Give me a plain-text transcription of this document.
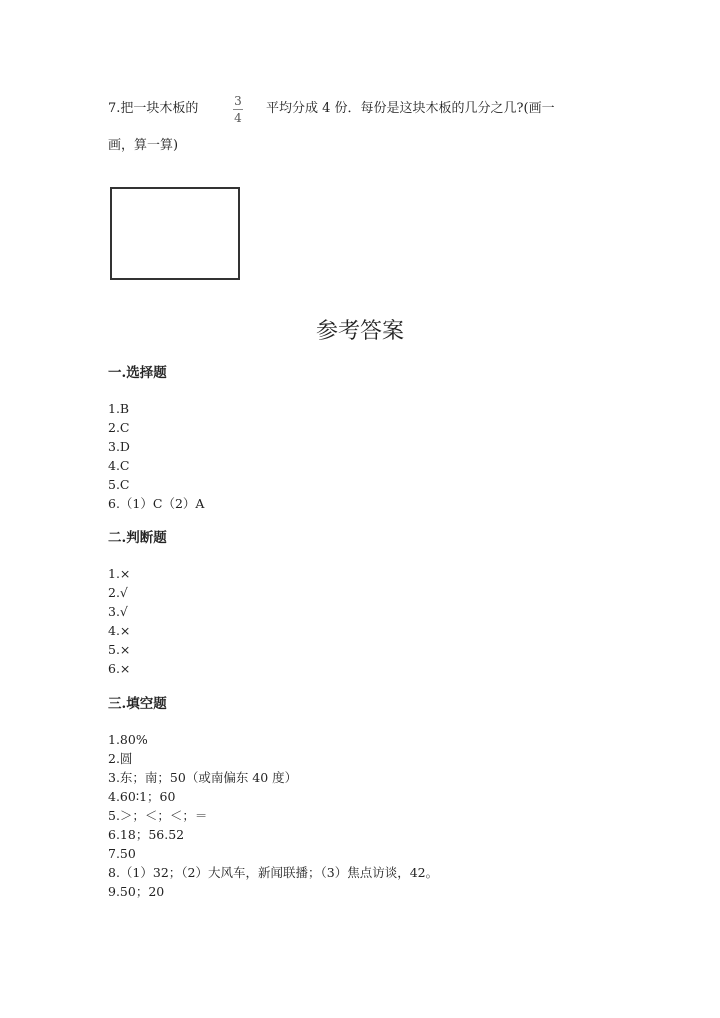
7.把一块木板的	3
4
平均分成 4 份．每份是这块木板的几分之几?(画一
画，算一算)
参考答案
一.选择题
1.B
2.C
3.D
4.C
5.C
6.（1）C（2）A
二.判断题
1.×
2.√
3.√
4.×
5.×
6.×
三.填空题
1.80%
2.圆
3.东；南；50（或南偏东 40 度）
4.60∶1；60
5.＞；＜；＜；＝
6.18；56.52
7.50
8.（1）32；（2）大风车，新闻联播；（3）焦点访谈，42。
9.50；20
